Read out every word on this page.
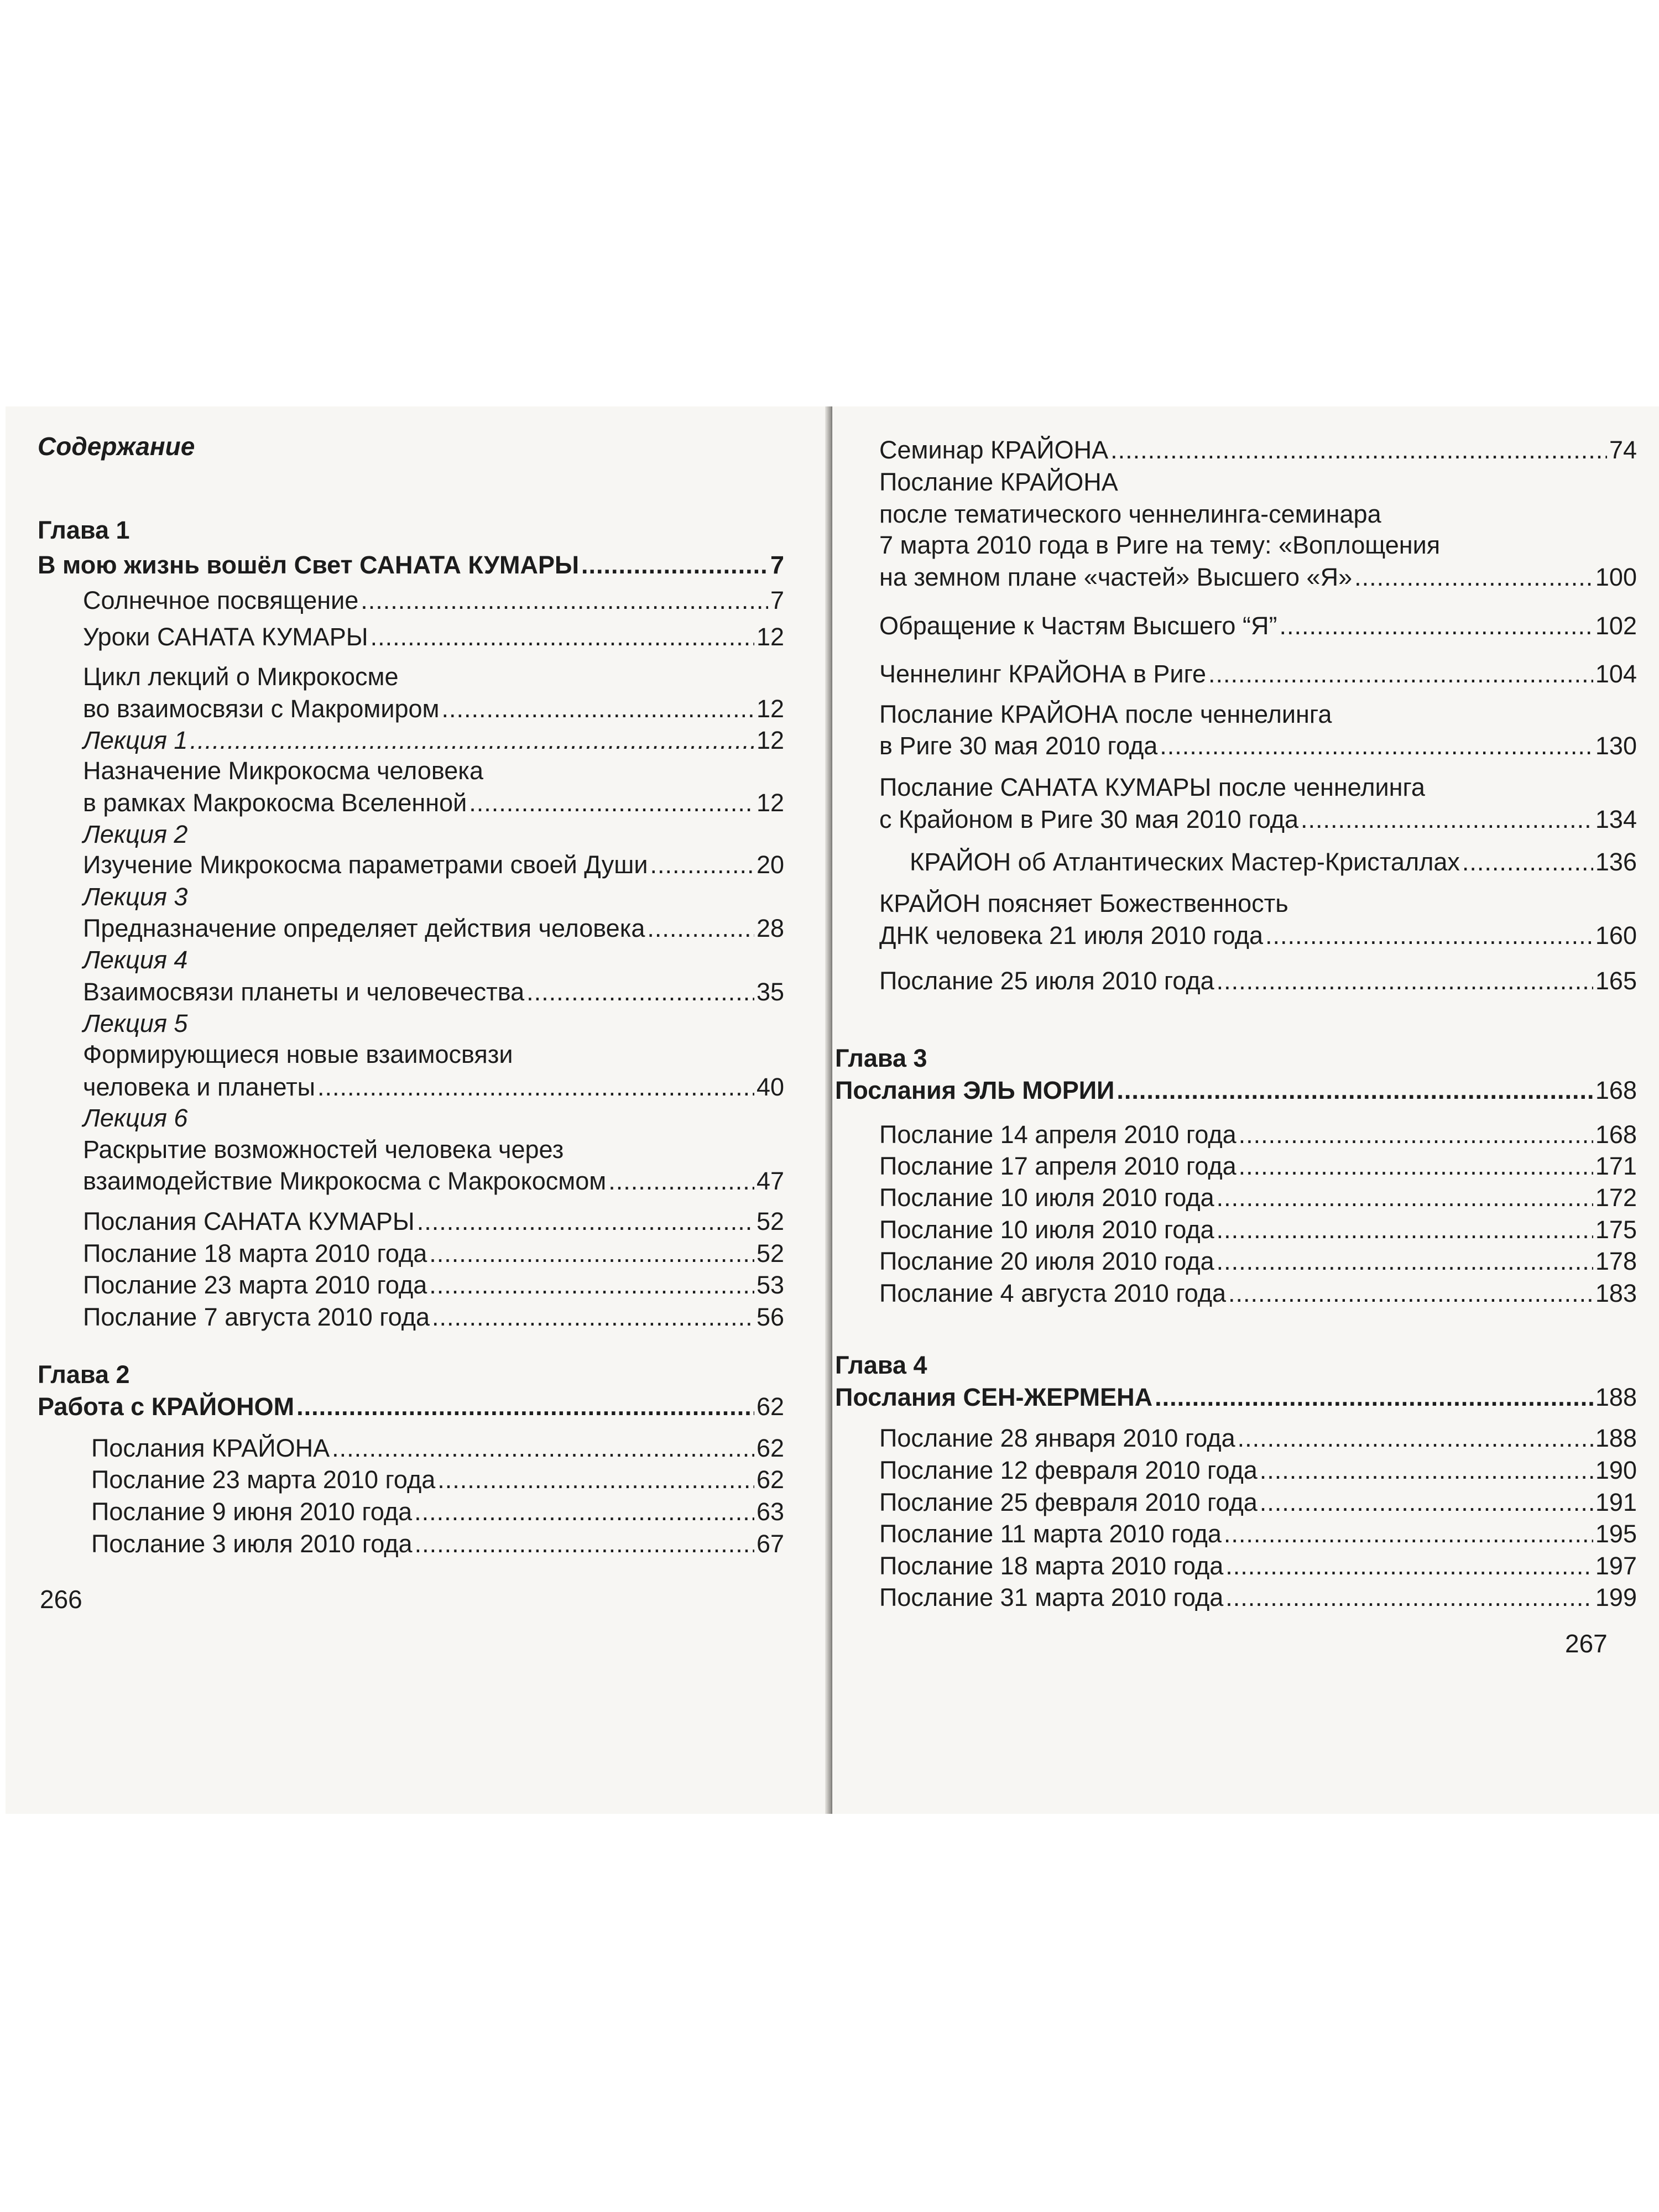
Содержание
Глава 1
В мою жизнь вошёл Свет САНАТА КУМАРЫ .....	7
Солнечное посвящение .....	7
Уроки САНАТА КУМАРЫ .....	12
Цикл лекций о Микрокосме
во взаимосвязи с Макромиром .....	12
Лекция 1 .....	12
Назначение Микрокосма человека
в рамках Макрокосма Вселенной .....	12
Лекция 2
Изучение Микрокосма параметрами своей Души .....	20
Лекция 3
Предназначение определяет действия человека .....	28
Лекция 4
Взаимосвязи планеты и человечества .....	35
Лекция 5
Формирующиеся новые взаимосвязи
человека и планеты .....	40
Лекция 6
Раскрытие возможностей человека через
взаимодействие Микрокосма с Макрокосмом .....	47
Послания САНАТА КУМАРЫ .....	52
Послание 18 марта 2010 года .....	52
Послание 23 марта 2010 года .....	53
Послание 7 августа 2010 года .....	56
Глава 2
Работа с КРАЙОНОМ .....	62
Послания КРАЙОНА .....	62
Послание 23 марта 2010 года .....	62
Послание 9 июня 2010 года .....	63
Послание 3 июля 2010 года .....	67
266
Семинар КРАЙОНА .....	74
Послание КРАЙОНА
после тематического ченнелинга-семинара
7 марта 2010 года в Риге на тему: «Воплощения
на земном плане «частей» Высшего «Я» .....	100
Обращение к Частям Высшего “Я” .....	102
Ченнелинг КРАЙОНА в Риге .....	104
Послание КРАЙОНА после ченнелинга
в Риге 30 мая 2010 года .....	130
Послание САНАТА КУМАРЫ после ченнелинга
с Крайоном в Риге 30 мая 2010 года .....	134
КРАЙОН об Атлантических Мастер-Кристаллах .....	136
КРАЙОН поясняет Божественность
ДНК человека 21 июля 2010 года .....	160
Послание 25 июля 2010 года .....	165
Глава 3
Послания ЭЛЬ МОРИИ .....	168
Послание 14 апреля 2010 года .....	168
Послание 17 апреля 2010 года .....	171
Послание 10 июля 2010 года .....	172
Послание 10 июля 2010 года .....	175
Послание 20 июля 2010 года .....	178
Послание 4 августа 2010 года .....	183
Глава 4
Послания СЕН-ЖЕРМЕНА .....	188
Послание 28 января 2010 года .....	188
Послание 12 февраля 2010 года .....	190
Послание 25 февраля 2010 года .....	191
Послание 11 марта 2010 года .....	195
Послание 18 марта 2010 года .....	197
Послание 31 марта 2010 года .....	199
267
